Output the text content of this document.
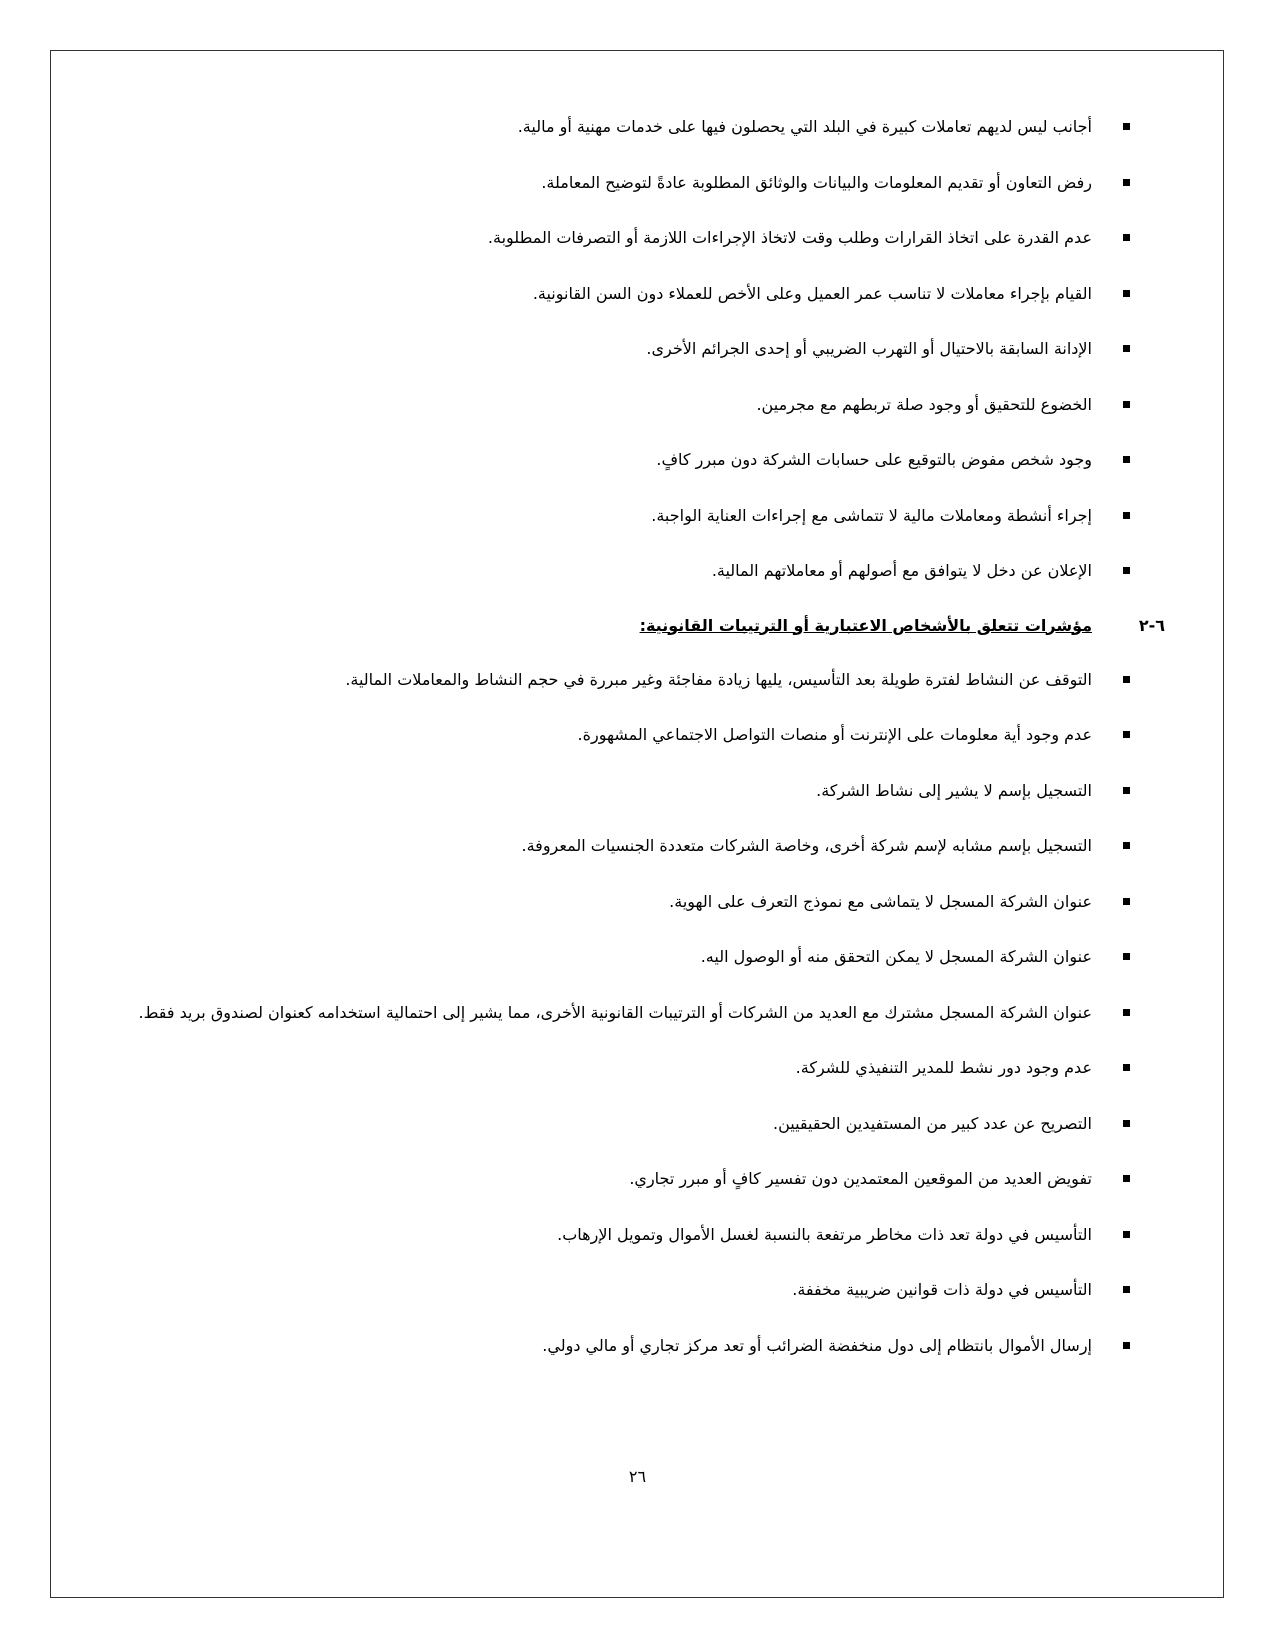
أجانب ليس لديهم تعاملات كبيرة في البلد التي يحصلون فيها على خدمات مهنية أو مالية.
رفض التعاون أو تقديم المعلومات والبيانات والوثائق المطلوبة عادةً لتوضيح المعاملة.
عدم القدرة على اتخاذ القرارات وطلب وقت لاتخاذ الإجراءات اللازمة أو التصرفات المطلوبة.
القيام بإجراء معاملات لا تناسب عمر العميل وعلى الأخص للعملاء دون السن القانونية.
الإدانة السابقة بالاحتيال أو التهرب الضريبي أو إحدى الجرائم الأخرى.
الخضوع للتحقيق أو وجود صلة تربطهم مع مجرمين.
وجود شخص مفوض بالتوقيع على حسابات الشركة دون مبرر كافٍ.
إجراء أنشطة ومعاملات مالية لا تتماشى مع إجراءات العناية الواجبة.
الإعلان عن دخل لا يتوافق مع أصولهم أو معاملاتهم المالية.
٦-٢
مؤشرات تتعلق بالأشخاص الاعتبارية أو الترتيبات القانونية:
التوقف عن النشاط لفترة طويلة بعد التأسيس، يليها زيادة مفاجئة وغير مبررة في حجم النشاط والمعاملات المالية.
عدم وجود أية معلومات على الإنترنت أو منصات التواصل الاجتماعي المشهورة.
التسجيل بإسم لا يشير إلى نشاط الشركة.
التسجيل بإسم مشابه لإسم شركة أخرى، وخاصة الشركات متعددة الجنسيات المعروفة.
عنوان الشركة المسجل لا يتماشى مع نموذج التعرف على الهوية.
عنوان الشركة المسجل لا يمكن التحقق منه أو الوصول اليه.
عنوان الشركة المسجل مشترك مع العديد من الشركات أو الترتيبات القانونية الأخرى، مما يشير إلى احتمالية استخدامه كعنوان لصندوق بريد فقط.
عدم وجود دور نشط للمدير التنفيذي للشركة.
التصريح عن عدد كبير من المستفيدين الحقيقيين.
تفويض العديد من الموقعين المعتمدين دون تفسير كافٍ أو مبرر تجاري.
التأسيس في دولة تعد ذات مخاطر مرتفعة بالنسبة لغسل الأموال وتمويل الإرهاب.
التأسيس في دولة ذات قوانين ضريبية مخففة.
إرسال الأموال بانتظام إلى دول منخفضة الضرائب أو تعد مركز تجاري أو مالي دولي.
٢٦
